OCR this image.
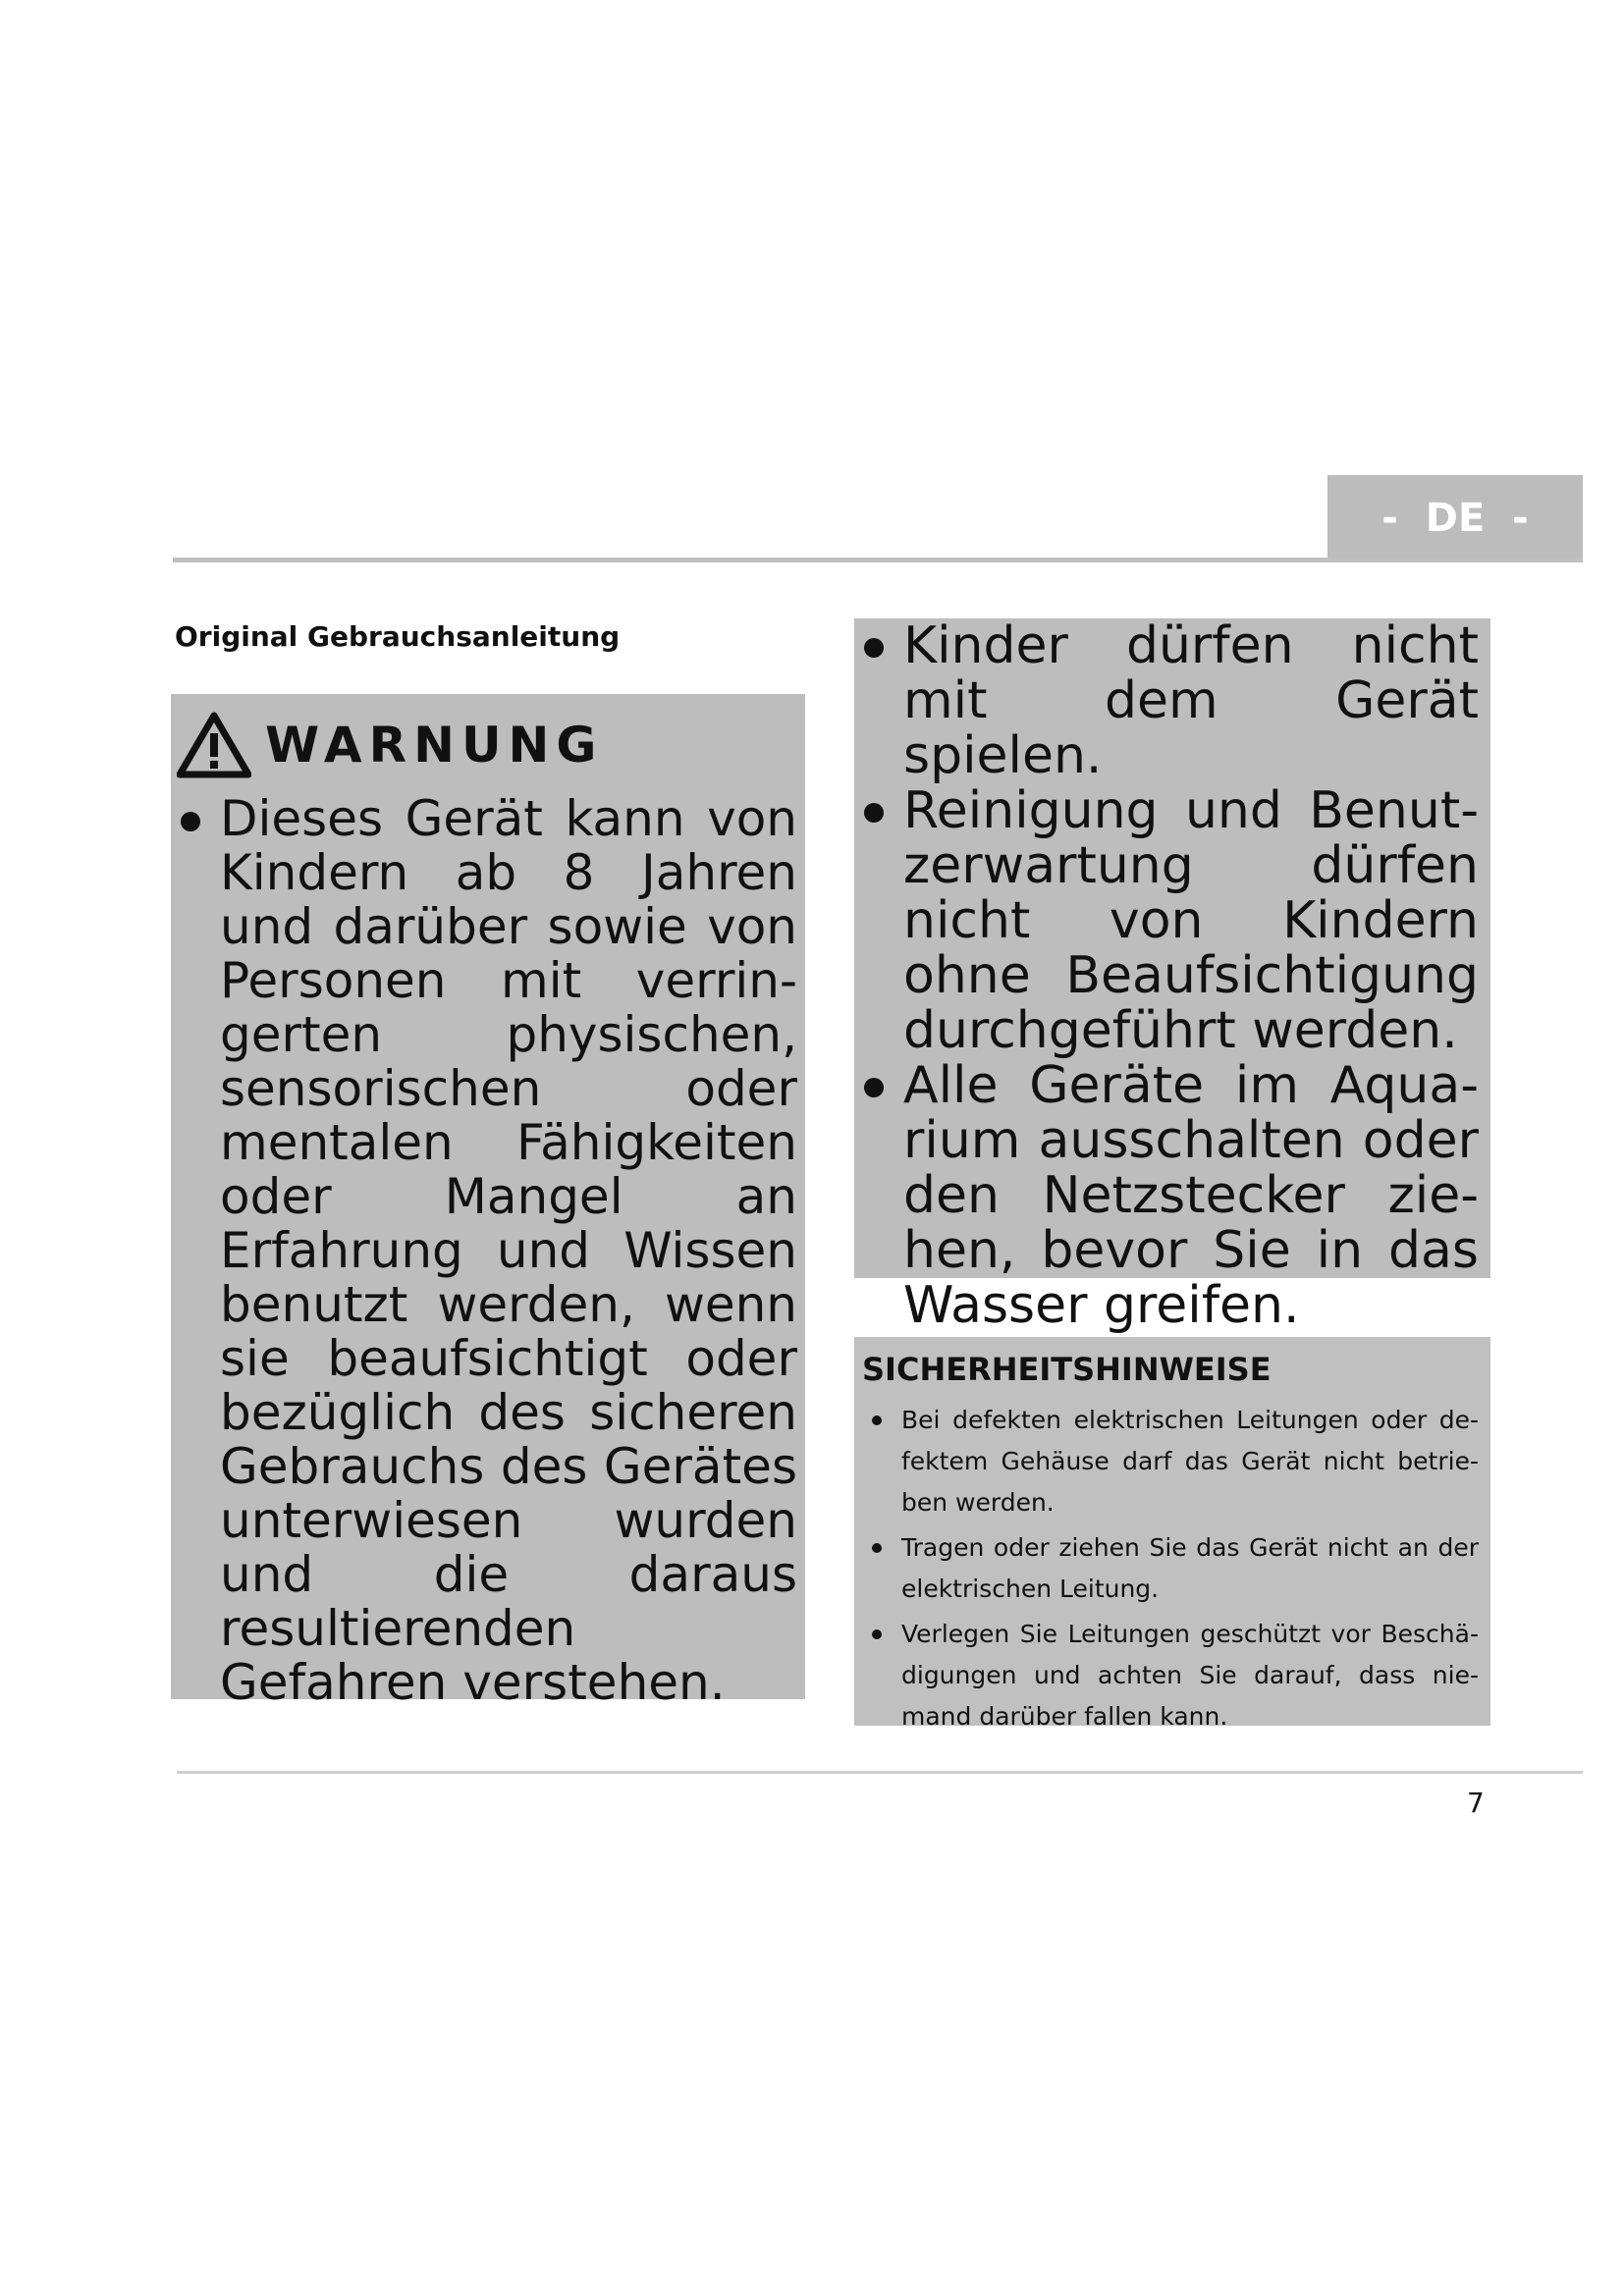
-  DE  -
Original Gebrauchsanleitung
WARNUNG
Dieses Gerät kann von Kindern ab 8 Jahren und darüber sowie von Personen mit verringerten physischen, sensorischen oder mentalen Fähigkeiten oder Mangel an Erfahrung und Wissen benutzt werden, wenn sie beaufsichtigt oder bezüglich des sicheren Gebrauchs des Gerätes unterwiesen wurden und die daraus resultierenden Gefahren verstehen.
Kinder dürfen nicht mit dem Gerät spielen.
Reinigung und Benutzerwartung dürfen nicht von Kindern ohne Beaufsichtigung durchgeführt werden.
Alle Geräte im Aquarium ausschalten oder den Netzstecker ziehen, bevor Sie in das Wasser greifen.
SICHERHEITSHINWEISE
Bei defekten elektrischen Leitungen oder defektem Gehäuse darf das Gerät nicht betrieben werden.
Tragen oder ziehen Sie das Gerät nicht an der elektrischen Leitung.
Verlegen Sie Leitungen geschützt vor Beschädigungen und achten Sie darauf, dass niemand darüber fallen kann.
7
